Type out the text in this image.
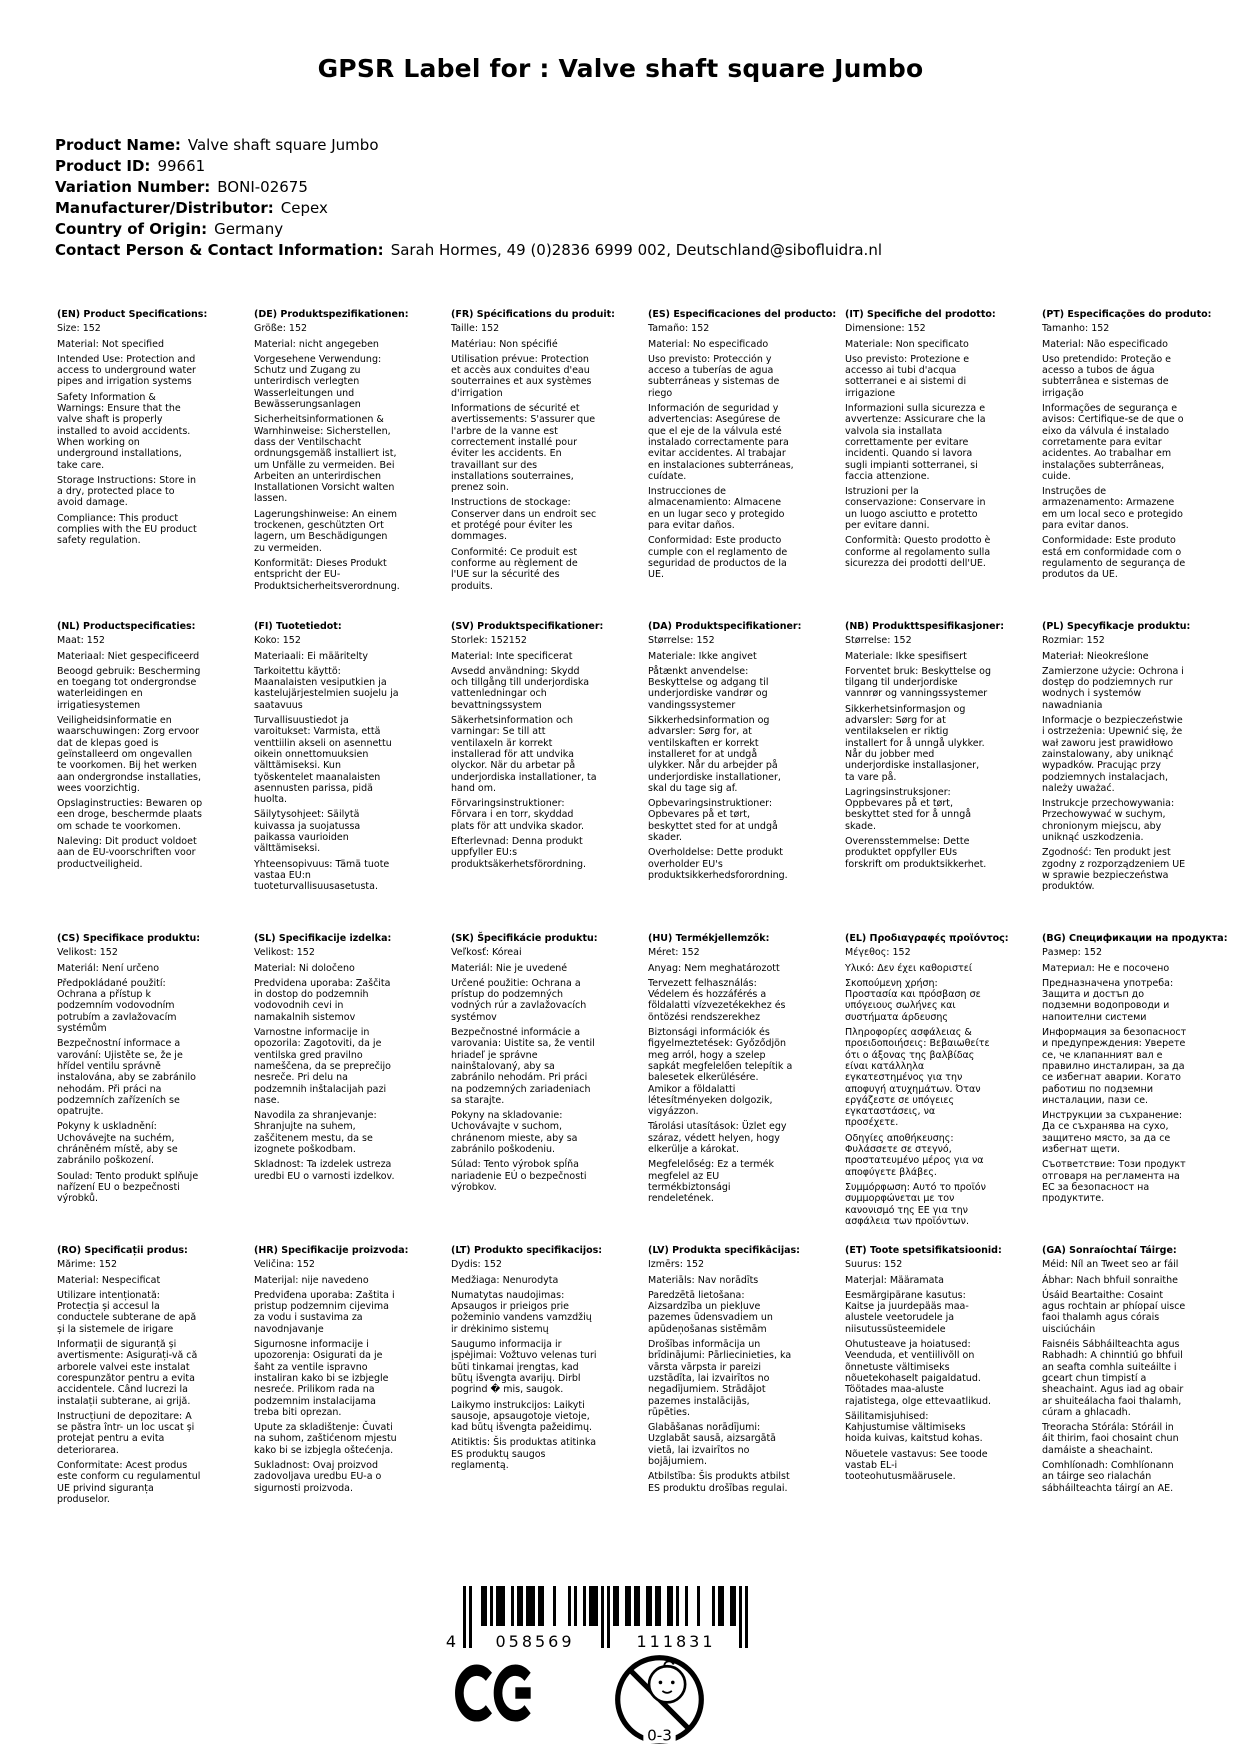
GPSR Label for : Valve shaft square Jumbo
Product Name: Valve shaft square Jumbo
Product ID: 99661
Variation Number: BONI-02675
Manufacturer/Distributor: Cepex
Country of Origin: Germany
Contact Person & Contact Information: Sarah Hormes, 49 (0)2836 6999 002, Deutschland@sibofluidra.nl
(EN) Product Specifications:

Size: 152

Material: Not specified

Intended Use: Protection and access to underground water pipes and irrigation systems

Safety Information & Warnings: Ensure that the valve shaft is properly installed to avoid accidents. When working on underground installations, take care.

Storage Instructions: Store in a dry, protected place to avoid damage.

Compliance: This product complies with the EU product safety regulation.

(DE) Produktspezifikationen:

Größe: 152

Material: nicht angegeben

Vorgesehene Verwendung: Schutz und Zugang zu unterirdisch verlegten Wasserleitungen und Bewässerungsanlagen

Sicherheitsinformationen & Warnhinweise: Sicherstellen, dass der Ventilschacht ordnungsgemäß installiert ist, um Unfälle zu vermeiden. Bei Arbeiten an unterirdischen Installationen Vorsicht walten lassen.

Lagerungshinweise: An einem trockenen, geschützten Ort lagern, um Beschädigungen zu vermeiden.

Konformität: Dieses Produkt entspricht der EU-Produktsicherheitsverordnung.

(FR) Spécifications du produit:

Taille: 152

Matériau: Non spécifié

Utilisation prévue: Protection et accès aux conduites d'eau souterraines et aux systèmes d'irrigation

Informations de sécurité et avertissements: S'assurer que l'arbre de la vanne est correctement installé pour éviter les accidents. En travaillant sur des installations souterraines, prenez soin.

Instructions de stockage: Conserver dans un endroit sec et protégé pour éviter les dommages.

Conformité: Ce produit est conforme au règlement de l'UE sur la sécurité des produits.

(ES) Especificaciones del producto:

Tamaño: 152

Material: No especificado

Uso previsto: Protección y acceso a tuberías de agua subterráneas y sistemas de riego

Información de seguridad y advertencias: Asegúrese de que el eje de la válvula esté instalado correctamente para evitar accidentes. Al trabajar en instalaciones subterráneas, cuídate.

Instrucciones de almacenamiento: Almacene en un lugar seco y protegido para evitar daños.

Conformidad: Este producto cumple con el reglamento de seguridad de productos de la UE.

(IT) Specifiche del prodotto:

Dimensione: 152

Materiale: Non specificato

Uso previsto: Protezione e accesso ai tubi d'acqua sotterranei e ai sistemi di irrigazione

Informazioni sulla sicurezza e avvertenze: Assicurare che la valvola sia installata correttamente per evitare incidenti. Quando si lavora sugli impianti sotterranei, si faccia attenzione.

Istruzioni per la conservazione: Conservare in un luogo asciutto e protetto per evitare danni.

Conformità: Questo prodotto è conforme al regolamento sulla sicurezza dei prodotti dell'UE.

(PT) Especificações do produto:

Tamanho: 152

Material: Não especificado

Uso pretendido: Proteção e acesso a tubos de água subterrânea e sistemas de irrigação

Informações de segurança e avisos: Certifique-se de que o eixo da válvula é instalado corretamente para evitar acidentes. Ao trabalhar em instalações subterrâneas, cuide.

Instruções de armazenamento: Armazene em um local seco e protegido para evitar danos.

Conformidade: Este produto está em conformidade com o regulamento de segurança de produtos da UE.

(NL) Productspecificaties:

Maat: 152

Materiaal: Niet gespecificeerd

Beoogd gebruik: Bescherming en toegang tot ondergrondse waterleidingen en irrigatiesystemen

Veiligheidsinformatie en waarschuwingen: Zorg ervoor dat de klepas goed is geïnstalleerd om ongevallen te voorkomen. Bij het werken aan ondergrondse installaties, wees voorzichtig.

Opslaginstructies: Bewaren op een droge, beschermde plaats om schade te voorkomen.

Naleving: Dit product voldoet aan de EU-voorschriften voor productveiligheid.

(FI) Tuotetiedot:

Koko: 152

Materiaali: Ei määritelty

Tarkoitettu käyttö: Maanalaisten vesiputkien ja kastelujärjestelmien suojelu ja saatavuus

Turvallisuustiedot ja varoitukset: Varmista, että venttiilin akseli on asennettu oikein onnettomuuksien välttämiseksi. Kun työskentelet maanalaisten asennusten parissa, pidä huolta.

Säilytysohjeet: Säilytä kuivassa ja suojatussa paikassa vaurioiden välttämiseksi.

Yhteensopivuus: Tämä tuote vastaa EU:n tuoteturvallisuusasetusta.

(SV) Produktspecifikationer:

Storlek: 152152

Material: Inte specificerat

Avsedd användning: Skydd och tillgång till underjordiska vattenledningar och bevattningssystem

Säkerhetsinformation och varningar: Se till att ventilaxeln är korrekt installerad för att undvika olyckor. När du arbetar på underjordiska installationer, ta hand om.

Förvaringsinstruktioner: Förvara i en torr, skyddad plats för att undvika skador.

Efterlevnad: Denna produkt uppfyller EU:s produktsäkerhetsförordning.

(DA) Produktspecifikationer:

Størrelse: 152

Materiale: Ikke angivet

Påtænkt anvendelse: Beskyttelse og adgang til underjordiske vandrør og vandingssystemer

Sikkerhedsinformation og advarsler: Sørg for, at ventilskaften er korrekt installeret for at undgå ulykker. Når du arbejder på underjordiske installationer, skal du tage sig af.

Opbevaringsinstruktioner: Opbevares på et tørt, beskyttet sted for at undgå skader.

Overholdelse: Dette produkt overholder EU's produktsikkerhedsforordning.

(NB) Produkttspesifikasjoner:

Størrelse: 152

Materiale: Ikke spesifisert

Forventet bruk: Beskyttelse og tilgang til underjordiske vannrør og vanningssystemer

Sikkerhetsinformasjon og advarsler: Sørg for at ventilakselen er riktig installert for å unngå ulykker. Når du jobber med underjordiske installasjoner, ta vare på.

Lagringsinstruksjoner: Oppbevares på et tørt, beskyttet sted for å unngå skade.

Overensstemmelse: Dette produktet oppfyller EUs forskrift om produktsikkerhet.

(PL) Specyfikacje produktu:

Rozmiar: 152

Materiał: Nieokreślone

Zamierzone użycie: Ochrona i dostęp do podziemnych rur wodnych i systemów nawadniania

Informacje o bezpieczeństwie i ostrzeżenia: Upewnić się, że wał zaworu jest prawidłowo zainstalowany, aby uniknąć wypadków. Pracując przy podziemnych instalacjach, należy uważać.

Instrukcje przechowywania: Przechowywać w suchym, chronionym miejscu, aby uniknąć uszkodzenia.

Zgodność: Ten produkt jest zgodny z rozporządzeniem UE w sprawie bezpieczeństwa produktów.

(CS) Specifikace produktu:

Velikost: 152

Materiál: Není určeno

Předpokládané použití: Ochrana a přístup k podzemním vodovodním potrubím a zavlažovacím systémům

Bezpečnostní informace a varování: Ujistěte se, že je hřídel ventilu správně instalována, aby se zabránilo nehodám. Při práci na podzemních zařízeních se opatrujte.

Pokyny k uskladnění: Uchovávejte na suchém, chráněném místě, aby se zabránilo poškození.

Soulad: Tento produkt splňuje nařízení EU o bezpečnosti výrobků.

(SL) Specifikacije izdelka:

Velikost: 152

Material: Ni določeno

Predvidena uporaba: Zaščita in dostop do podzemnih vodovodnih cevi in namakalnih sistemov

Varnostne informacije in opozorila: Zagotoviti, da je ventilska gred pravilno nameščena, da se preprečijo nesreče. Pri delu na podzemnih inštalacijah pazi nase.

Navodila za shranjevanje: Shranjujte na suhem, zaščitenem mestu, da se izognete poškodbam.

Skladnost: Ta izdelek ustreza uredbi EU o varnosti izdelkov.

(SK) Špecifikácie produktu:

Veľkosť: Kóreai

Materiál: Nie je uvedené

Určené použitie: Ochrana a prístup do podzemných vodných rúr a zavlažovacích systémov

Bezpečnostné informácie a varovania: Uistite sa, že ventil hriadeľ je správne nainštalovaný, aby sa zabránilo nehodám. Pri práci na podzemných zariadeniach sa starajte.

Pokyny na skladovanie: Uchovávajte v suchom, chránenom mieste, aby sa zabránilo poškodeniu.

Súlad: Tento výrobok spĺňa nariadenie EÚ o bezpečnosti výrobkov.

(HU) Termékjellemzők:

Méret: 152

Anyag: Nem meghatározott

Tervezett felhasználás: Védelem és hozzáférés a földalatti vízvezetékekhez és öntözési rendszerekhez

Biztonsági információk és figyelmeztetések: Győződjön meg arról, hogy a szelep sapkát megfelelően telepítik a balesetek elkerülésére. Amikor a földalatti létesítményeken dolgozik, vigyázzon.

Tárolási utasítások: Üzlet egy száraz, védett helyen, hogy elkerülje a károkat.

Megfelelőség: Ez a termék megfelel az EU termékbiztonsági rendeletének.

(EL) Προδιαγραφές προϊόντος:

Μέγεθος: 152

Υλικό: Δεν έχει καθοριστεί

Σκοπούμενη χρήση: Προστασία και πρόσβαση σε υπόγειους σωλήνες και συστήματα άρδευσης

Πληροφορίες ασφάλειας & προειδοποιήσεις: Βεβαιωθείτε ότι ο άξονας της βαλβίδας είναι κατάλληλα εγκατεστημένος για την αποφυγή ατυχημάτων. Όταν εργάζεστε σε υπόγειες εγκαταστάσεις, να προσέχετε.

Οδηγίες αποθήκευσης: Φυλάσσετε σε στεγνό, προστατευμένο μέρος για να αποφύγετε βλάβες.

Συμμόρφωση: Αυτό το προϊόν συμμορφώνεται με τον κανονισμό της ΕΕ για την ασφάλεια των προϊόντων.

(BG) Спецификации на продукта:

Размер: 152

Материал: Не е посочено

Предназначена употреба: Защита и достъп до подземни водопроводи и напоителни системи

Информация за безопасност и предупреждения: Уверете се, че клапанният вал е правилно инсталиран, за да се избегнат аварии. Когато работиш по подземни инсталации, пази се.

Инструкции за съхранение: Да се съхранява на сухо, защитено място, за да се избегнат щети.

Съответствие: Този продукт отговаря на регламента на ЕС за безопасност на продуктите.

(RO) Specificații produs:

Mărime: 152

Material: Nespecificat

Utilizare intenționată: Protecția și accesul la conductele subterane de apă și la sistemele de irigare

Informații de siguranță și avertismente: Asigurați-vă că arborele valvei este instalat corespunzător pentru a evita accidentele. Când lucrezi la instalații subterane, ai grijă.

Instrucțiuni de depozitare: A se păstra într- un loc uscat și protejat pentru a evita deteriorarea.

Conformitate: Acest produs este conform cu regulamentul UE privind siguranța produselor.

(HR) Specifikacije proizvoda:

Veličina: 152

Materijal: nije navedeno

Predviđena uporaba: Zaštita i pristup podzemnim cijevima za vodu i sustavima za navodnjavanje

Sigurnosne informacije i upozorenja: Osigurati da je šaht za ventile ispravno instaliran kako bi se izbjegle nesreće. Prilikom rada na podzemnim instalacijama treba biti oprezan.

Upute za skladištenje: Čuvati na suhom, zaštićenom mjestu kako bi se izbjegla oštećenja.

Sukladnost: Ovaj proizvod zadovoljava uredbu EU-a o sigurnosti proizvoda.

(LT) Produkto specifikacijos:

Dydis: 152

Medžiaga: Nenurodyta

Numatytas naudojimas: Apsaugos ir prieigos prie požeminio vandens vamzdžių ir drėkinimo sistemų

Saugumo informacija ir įspėjimai: Vožtuvo velenas turi būti tinkamai įrengtas, kad būtų išvengta avarijų. Dirbl pogrind � mis, saugok.

Laikymo instrukcijos: Laikyti sausoje, apsaugotoje vietoje, kad būtų išvengta pažeidimų.

Atitiktis: Šis produktas atitinka ES produktų saugos reglamentą.

(LV) Produkta specifikācijas:

Izmērs: 152

Materiāls: Nav norādīts

Paredzētā lietošana: Aizsardzība un piekļuve pazemes ūdensvadiem un apūdeņošanas sistēmām

Drošības informācija un brīdinājumi: Pārliecinieties, ka vārsta vārpsta ir pareizi uzstādīta, lai izvairītos no negadījumiem. Strādājot pazemes instalācijās, rūpēties.

Glabāšanas norādījumi: Uzglabāt sausā, aizsargātā vietā, lai izvairītos no bojājumiem.

Atbilstība: Šis produkts atbilst ES produktu drošības regulai.

(ET) Toote spetsifikatsioonid:

Suurus: 152

Materjal: Määramata

Eesmärgipärane kasutus: Kaitse ja juurdepääs maa-alustele veetorudele ja niisutussüsteemidele

Ohutusteave ja hoiatused: Veenduda, et ventiilivõll on õnnetuste vältimiseks nõuetekohaselt paigaldatud. Töötades maa-aluste rajatistega, olge ettevaatlikud.

Säilitamisjuhised: Kahjustumise vältimiseks hoida kuivas, kaitstud kohas.

Nõuetele vastavus: See toode vastab EL-i tooteohutusmäärusele.

(GA) Sonraíochtaí Táirge:

Méid: Níl an Tweet seo ar fáil

Ábhar: Nach bhfuil sonraithe

Úsáid Beartaithe: Cosaint agus rochtain ar phíopaí uisce faoi thalamh agus córais uisciúcháin

Faisnéis Sábháilteachta agus Rabhadh: A chinntiú go bhfuil an seafta comhla suiteáilte i gceart chun timpistí a sheachaint. Agus iad ag obair ar shuiteálacha faoi thalamh, cúram a ghlacadh.

Treoracha Stórála: Stóráil in áit thirim, faoi chosaint chun damáiste a sheachaint.

Comhlíonadh: Comhlíonann an táirge seo rialachán sábháilteachta táirgí an AE.

4 058569	111831
0-3
